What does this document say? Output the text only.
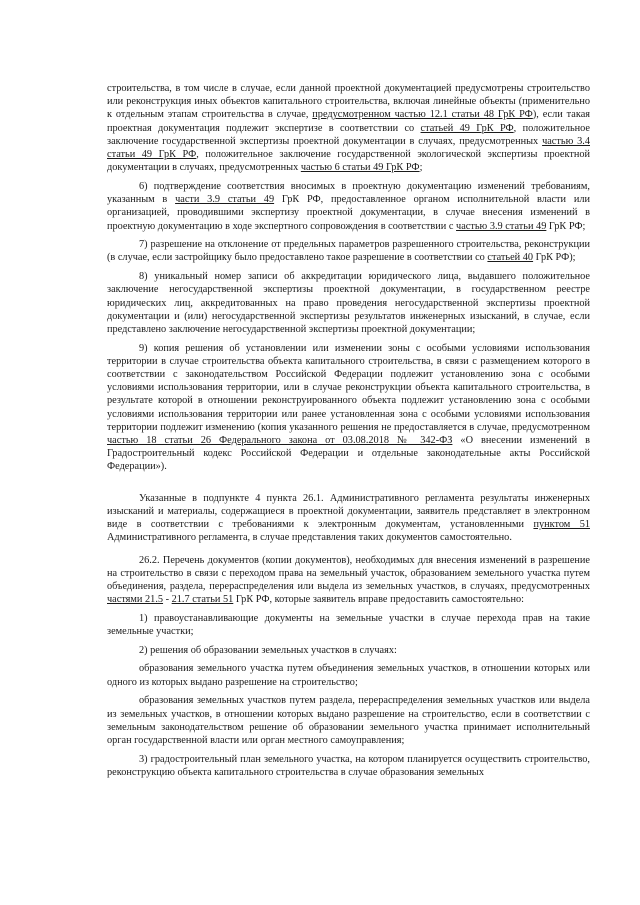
строительства, в том числе в случае, если данной проектной документацией предусмотрены строительство или реконструкция иных объектов капитального строительства, включая линейные объекты (применительно к отдельным этапам строительства в случае, предусмотренном частью 12.1 статьи 48 ГрК РФ), если такая проектная документация подлежит экспертизе в соответствии со статьей 49 ГрК РФ, положительное заключение государственной экспертизы проектной документации в случаях, предусмотренных частью 3.4 статьи 49 ГрК РФ, положительное заключение государственной экологической экспертизы проектной документации в случаях, предусмотренных частью 6 статьи 49 ГрК РФ;

6) подтверждение соответствия вносимых в проектную документацию изменений требованиям, указанным в части 3.9 статьи 49 ГрК РФ, предоставленное органом исполнительной власти или организацией, проводившими экспертизу проектной документации, в случае внесения изменений в проектную документацию в ходе экспертного сопровождения в соответствии с частью 3.9 статьи 49 ГрК РФ;

7) разрешение на отклонение от предельных параметров разрешенного строительства, реконструкции (в случае, если застройщику было предоставлено такое разрешение в соответствии со статьей 40 ГрК РФ);

8) уникальный номер записи об аккредитации юридического лица, выдавшего положительное заключение негосударственной экспертизы проектной документации, в государственном реестре юридических лиц, аккредитованных на право проведения негосударственной экспертизы проектной документации и (или) негосударственной экспертизы результатов инженерных изысканий, в случае, если представлено заключение негосударственной экспертизы проектной документации;

9) копия решения об установлении или изменении зоны с особыми условиями использования территории в случае строительства объекта капитального строительства, в связи с размещением которого в соответствии с законодательством Российской Федерации подлежит установлению зона с особыми условиями использования территории, или в случае реконструкции объекта капитального строительства, в результате которой в отношении реконструированного объекта подлежит установлению зона с особыми условиями использования территории или ранее установленная зона с особыми условиями использования территории подлежит изменению (копия указанного решения не предоставляется в случае, предусмотренном частью 18 статьи 26 Федерального закона от 03.08.2018 № 342-ФЗ «О внесении изменений в Градостроительный кодекс Российской Федерации и отдельные законодательные акты Российской Федерации»).

Указанные в подпункте 4 пункта 26.1. Административного регламента результаты инженерных изысканий и материалы, содержащиеся в проектной документации, заявитель представляет в электронном виде в соответствии с требованиями к электронным документам, установленными пунктом 51 Административного регламента, в случае представления таких документов самостоятельно.

26.2. Перечень документов (копии документов), необходимых для внесения изменений в разрешение на строительство в связи с переходом права на земельный участок, образованием земельного участка путем объединения, раздела, перераспределения или выдела из земельных участков, в случаях, предусмотренных частями 21.5 - 21.7 статьи 51 ГрК РФ, которые заявитель вправе предоставить самостоятельно:

1) правоустанавливающие документы на земельные участки в случае перехода прав на такие земельные участки;

2) решения об образовании земельных участков в случаях:

образования земельного участка путем объединения земельных участков, в отношении которых или одного из которых выдано разрешение на строительство;

образования земельных участков путем раздела, перераспределения земельных участков или выдела из земельных участков, в отношении которых выдано разрешение на строительство, если в соответствии с земельным законодательством решение об образовании земельного участка принимает исполнительный орган государственной власти или орган местного самоуправления;

3) градостроительный план земельного участка, на котором планируется осуществить строительство, реконструкцию объекта капитального строительства в случае образования земельных
